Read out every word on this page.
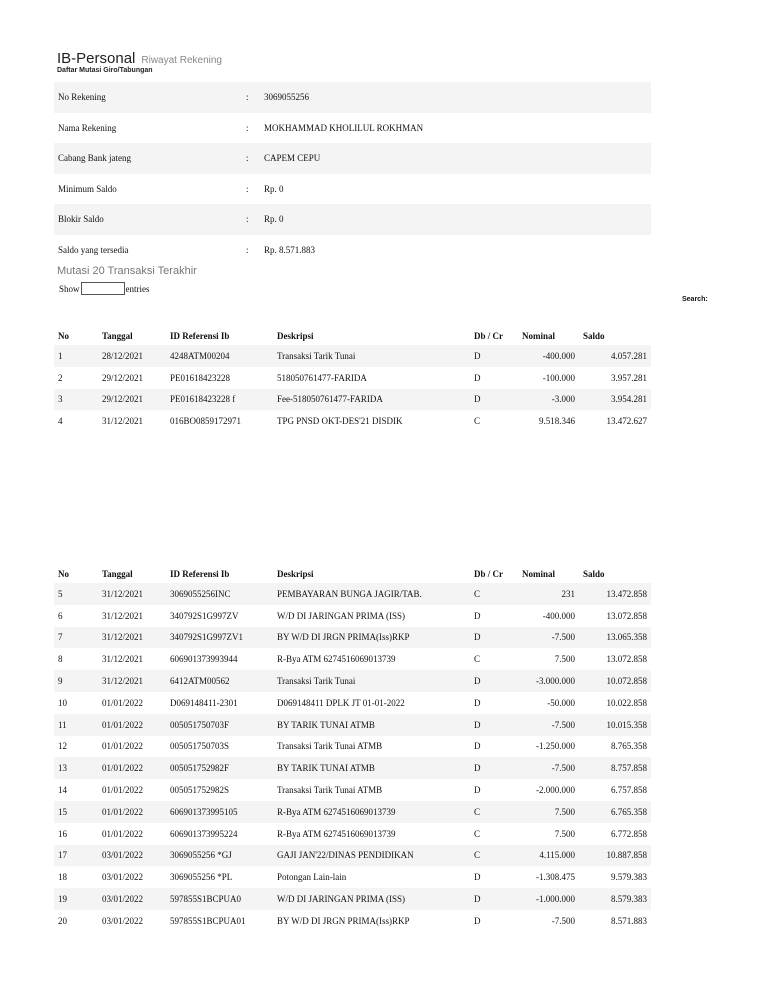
IB-Personal Riwayat Rekening
Daftar Mutasi Giro/Tabungan
No Rekening	:	3069055256
Nama Rekening	:	MOKHAMMAD KHOLILUL ROKHMAN
Cabang Bank jateng	:	CAPEM CEPU
Minimum Saldo	:	Rp. 0
Blokir Saldo	:	Rp. 0
Saldo yang tersedia	:	Rp. 8.571.883
Mutasi 20 Transaksi Terakhir
Show	entries
Search:
No	Tanggal	ID Referensi Ib	Deskripsi	Db / Cr	Nominal	Saldo
1	28/12/2021	4248ATM00204	Transaksi Tarik Tunai	D	-400.000	4.057.281
2	29/12/2021	PE01618423228	518050761477-FARIDA	D	-100.000	3.957.281
3	29/12/2021	PE01618423228 f	Fee-518050761477-FARIDA	D	-3.000	3.954.281
4	31/12/2021	016BO0859172971	TPG PNSD OKT-DES'21 DISDIK	C	9.518.346	13.472.627
No	Tanggal	ID Referensi Ib	Deskripsi	Db / Cr	Nominal	Saldo
5	31/12/2021	3069055256INC	PEMBAYARAN BUNGA JAGIR/TAB.	C	231	13.472.858
6	31/12/2021	340792S1G997ZV	W/D DI JARINGAN PRIMA (ISS)	D	-400.000	13.072.858
7	31/12/2021	340792S1G997ZV1	BY W/D DI JRGN PRIMA(Iss)RKP	D	-7.500	13.065.358
8	31/12/2021	606901373993944	R-Bya ATM 6274516069013739	C	7.500	13.072.858
9	31/12/2021	6412ATM00562	Transaksi Tarik Tunai	D	-3.000.000	10.072.858
10	01/01/2022	D069148411-2301	D069148411 DPLK JT 01-01-2022	D	-50.000	10.022.858
11	01/01/2022	005051750703F	BY TARIK TUNAI ATMB	D	-7.500	10.015.358
12	01/01/2022	005051750703S	Transaksi Tarik Tunai ATMB	D	-1.250.000	8.765.358
13	01/01/2022	005051752982F	BY TARIK TUNAI ATMB	D	-7.500	8.757.858
14	01/01/2022	005051752982S	Transaksi Tarik Tunai ATMB	D	-2.000.000	6.757.858
15	01/01/2022	606901373995105	R-Bya ATM 6274516069013739	C	7.500	6.765.358
16	01/01/2022	606901373995224	R-Bya ATM 6274516069013739	C	7.500	6.772.858
17	03/01/2022	3069055256 *GJ	GAJI JAN'22/DINAS PENDIDIKAN	C	4.115.000	10.887.858
18	03/01/2022	3069055256 *PL	Potongan Lain-lain	D	-1.308.475	9.579.383
19	03/01/2022	597855S1BCPUA0	W/D DI JARINGAN PRIMA (ISS)	D	-1.000.000	8.579.383
20	03/01/2022	597855S1BCPUA01	BY W/D DI JRGN PRIMA(Iss)RKP	D	-7.500	8.571.883
